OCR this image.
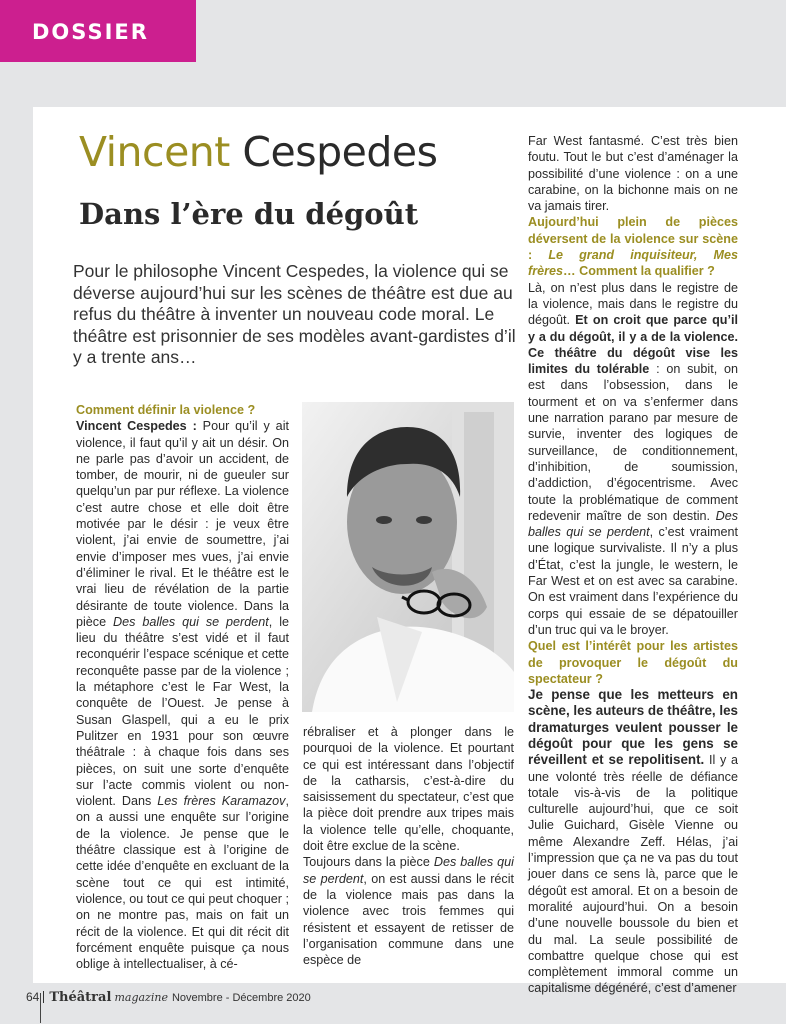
DOSSIER
Vincent Cespedes
Dans l’ère du dégoût

Pour le philosophe Vincent Cespedes, la violence qui se déverse aujourd’hui sur les scènes de théâtre est due au refus du théâtre à inventer un nouveau code moral. Le théâtre est prisonnier de ses modèles avant-gardistes d’il y a trente ans…

Comment définir la violence ?

Vincent Cespedes : Pour qu’il y ait violence, il faut qu’il y ait un désir. On ne parle pas d’avoir un accident, de tomber, de mourir, ni de gueuler sur quelqu’un par pur réflexe. La violence c’est autre chose et elle doit être motivée par le désir : je veux être violent, j’ai envie de soumettre, j’ai envie d’imposer mes vues, j’ai envie d’éliminer le rival. Et le théâtre est le vrai lieu de révélation de la partie désirante de toute violence. Dans la pièce Des balles qui se perdent, le lieu du théâtre s’est vidé et il faut reconquérir l’espace scénique et cette reconquête passe par de la violence ; la métaphore c’est le Far West, la conquête de l’Ouest. Je pense à Susan Glaspell, qui a eu le prix Pulitzer en 1931 pour son œuvre théâtrale : à chaque fois dans ses pièces, on suit une sorte d’enquête sur l’acte commis violent ou non-violent. Dans Les frères Karamazov, on a aussi une enquête sur l’origine de la violence. Je pense que le théâtre classique est à l’origine de cette idée d’enquête en excluant de la scène tout ce qui est intimité, violence, ou tout ce qui peut choquer ; on ne montre pas, mais on fait un récit de la violence. Et qui dit récit dit forcément enquête puisque ça nous oblige à intellectualiser, à cé-

rébraliser et à plonger dans le pourquoi de la violence. Et pourtant ce qui est intéressant dans l’objectif de la catharsis, c’est-à-dire du saisissement du spectateur, c’est que la pièce doit prendre aux tripes mais la violence telle qu’elle, choquante, doit être exclue de la scène.

Toujours dans la pièce Des balles qui se perdent, on est aussi dans le récit de la violence mais pas dans la violence avec trois femmes qui résistent et essayent de retisser de l’organisation commune dans une espèce de

Far West fantasmé. C’est très bien foutu. Tout le but c’est d’aménager la possibilité d’une violence : on a une carabine, on la bichonne mais on ne va jamais tirer.

Aujourd’hui plein de pièces déversent de la violence sur scène : Le grand inquisiteur, Mes frères… Comment la qualifier ?

Là, on n’est plus dans le registre de la violence, mais dans le registre du dégoût. Et on croit que parce qu’il y a du dégoût, il y a de la violence. Ce théâtre du dégoût vise les limites du tolérable : on subit, on est dans l’obsession, dans le tourment et on va s’enfermer dans une narration parano par mesure de survie, inventer des logiques de surveillance, de conditionnement, d’inhibition, de soumission, d’addiction, d’égocentrisme. Avec toute la problématique de comment redevenir maître de son destin. Des balles qui se perdent, c’est vraiment une logique survivaliste. Il n’y a plus d’État, c’est la jungle, le western, le Far West et on est avec sa carabine. On est vraiment dans l’expérience du corps qui essaie de se dépatouiller d’un truc qui va le broyer.

Quel est l’intérêt pour les artistes de provoquer le dégoût du spectateur ?

Je pense que les metteurs en scène, les auteurs de théâtre, les dramaturges veulent pousser le dégoût pour que les gens se réveillent et se repolitisent. Il y a une volonté très réelle de défiance totale vis-à-vis de la politique culturelle aujourd’hui, que ce soit Julie Guichard, Gisèle Vienne ou même Alexandre Zeff. Hélas, j’ai l’impression que ça ne va pas du tout jouer dans ce sens là, parce que le dégoût est amoral. Et on a besoin de moralité aujourd’hui. On a besoin d’une nouvelle boussole du bien et du mal. La seule possibilité de combattre quelque chose qui est complètement immoral comme un capitalisme dégénéré, c’est d’amener

64 Théâtral magazine Novembre - Décembre 2020
